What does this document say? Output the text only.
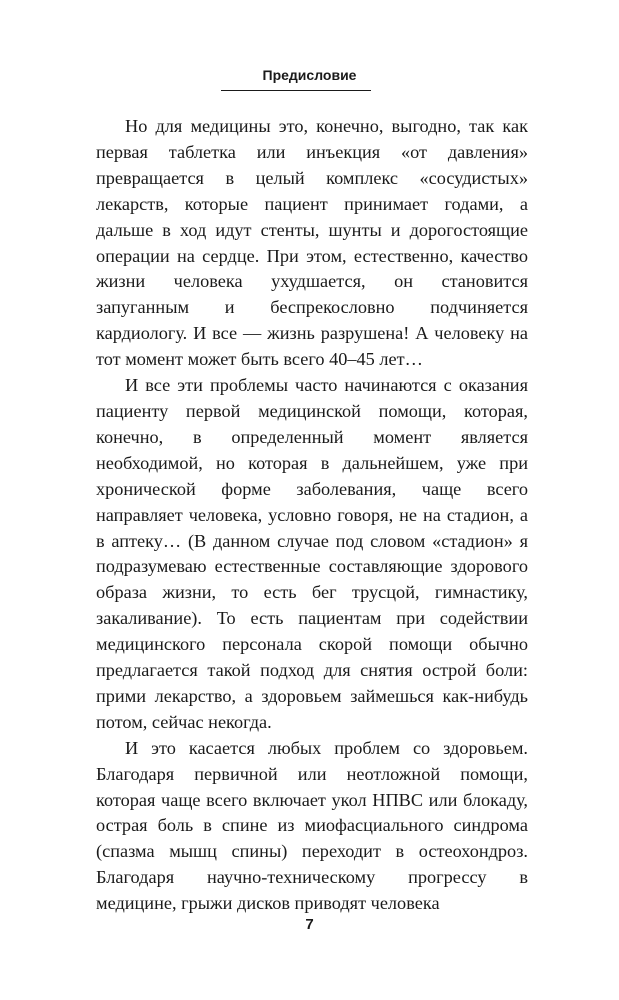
Предисловие

Но для медицины это, конечно, выгодно, так как первая таблетка или инъекция «от давления» превращается в целый комплекс «сосудистых» лекарств, которые пациент принимает годами, а дальше в ход идут стенты, шунты и дорогостоящие операции на сердце. При этом, естественно, качество жизни человека ухудшается, он становится запуганным и беспрекословно подчиняется кардиологу. И все — жизнь разрушена! А человеку на тот момент может быть всего 40–45 лет…

И все эти проблемы часто начинаются с оказания пациенту первой медицинской помощи, которая, конечно, в определенный момент является необходимой, но которая в дальнейшем, уже при хронической форме заболевания, чаще всего направляет человека, условно говоря, не на стадион, а в аптеку… (В данном случае под словом «стадион» я подразумеваю естественные составляющие здорового образа жизни, то есть бег трусцой, гимнастику, закаливание). То есть пациентам при содействии медицинского персонала скорой помощи обычно предлагается такой подход для снятия острой боли: прими лекарство, а здоровьем займешься как-нибудь потом, сейчас некогда.

И это касается любых проблем со здоровьем. Благодаря первичной или неотложной помощи, которая чаще всего включает укол НПВС или блокаду, острая боль в спине из миофасциального синдрома (спазма мышц спины) переходит в остеохондроз. Благодаря научно-техническому прогрессу в медицине, грыжи дисков приводят человека

7
